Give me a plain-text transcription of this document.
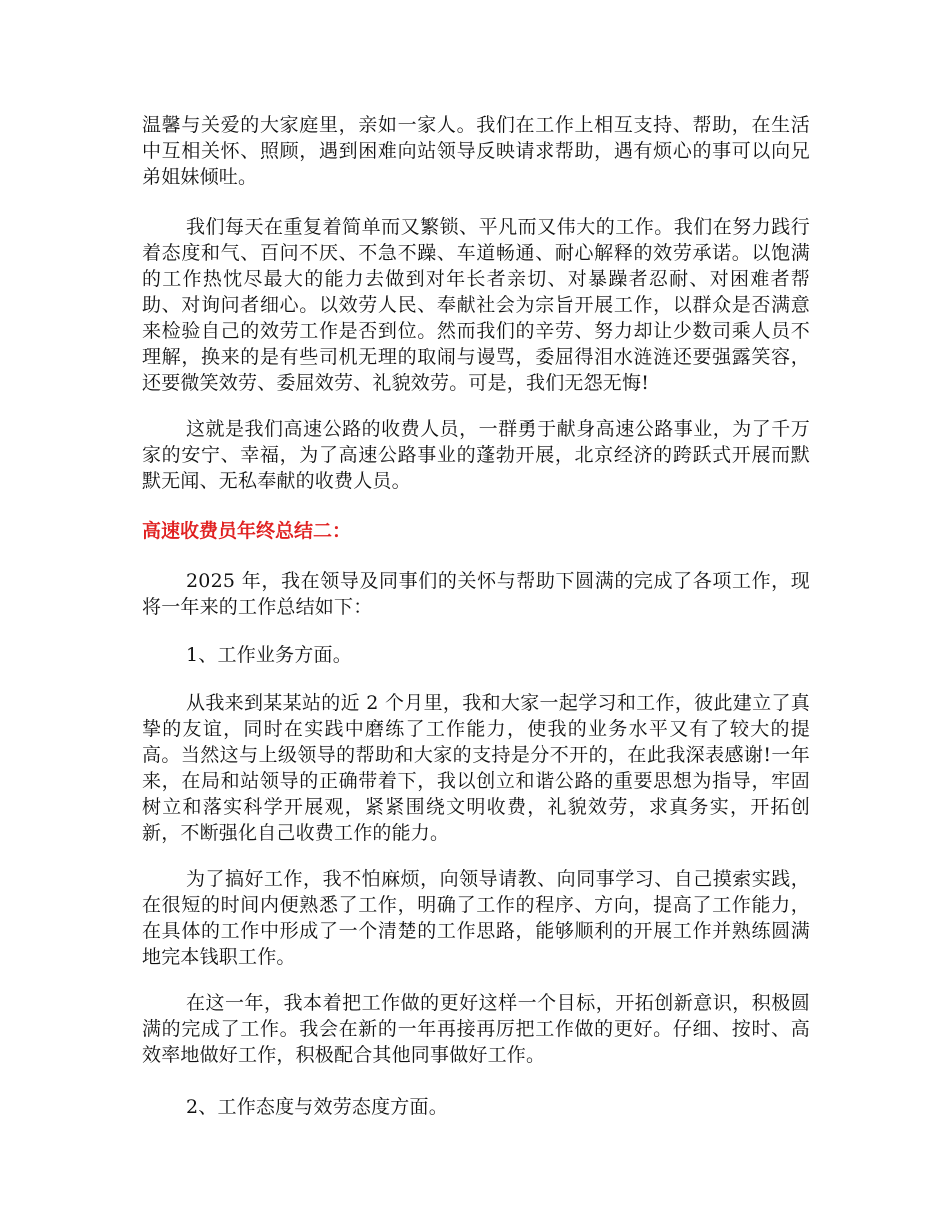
温馨与关爱的大家庭里，亲如一家人。我们在工作上相互支持、帮助，在生活中互相关怀、照顾，遇到困难向站领导反映请求帮助，遇有烦心的事可以向兄弟姐妹倾吐。

我们每天在重复着简单而又繁锁、平凡而又伟大的工作。我们在努力践行着态度和气、百问不厌、不急不躁、车道畅通、耐心解释的效劳承诺。以饱满的工作热忱尽最大的能力去做到对年长者亲切、对暴躁者忍耐、对困难者帮助、对询问者细心。以效劳人民、奉献社会为宗旨开展工作，以群众是否满意来检验自己的效劳工作是否到位。然而我们的辛劳、努力却让少数司乘人员不理解，换来的是有些司机无理的取闹与谩骂，委屈得泪水涟涟还要强露笑容，还要微笑效劳、委屈效劳、礼貌效劳。可是，我们无怨无悔!

这就是我们高速公路的收费人员，一群勇于献身高速公路事业，为了千万家的安宁、幸福，为了高速公路事业的蓬勃开展，北京经济的跨跃式开展而默默无闻、无私奉献的收费人员。

高速收费员年终总结二：

2025 年，我在领导及同事们的关怀与帮助下圆满的完成了各项工作，现将一年来的工作总结如下：

1、工作业务方面。

从我来到某某站的近 2 个月里，我和大家一起学习和工作，彼此建立了真挚的友谊，同时在实践中磨练了工作能力，使我的业务水平又有了较大的提高。当然这与上级领导的帮助和大家的支持是分不开的，在此我深表感谢!一年来，在局和站领导的正确带着下，我以创立和谐公路的重要思想为指导，牢固树立和落实科学开展观，紧紧围绕文明收费，礼貌效劳，求真务实，开拓创新，不断强化自己收费工作的能力。

为了搞好工作，我不怕麻烦，向领导请教、向同事学习、自己摸索实践，在很短的时间内便熟悉了工作，明确了工作的程序、方向，提高了工作能力，在具体的工作中形成了一个清楚的工作思路，能够顺利的开展工作并熟练圆满地完本钱职工作。

在这一年，我本着把工作做的更好这样一个目标，开拓创新意识，积极圆满的完成了工作。我会在新的一年再接再厉把工作做的更好。仔细、按时、高效率地做好工作，积极配合其他同事做好工作。

2、工作态度与效劳态度方面。
